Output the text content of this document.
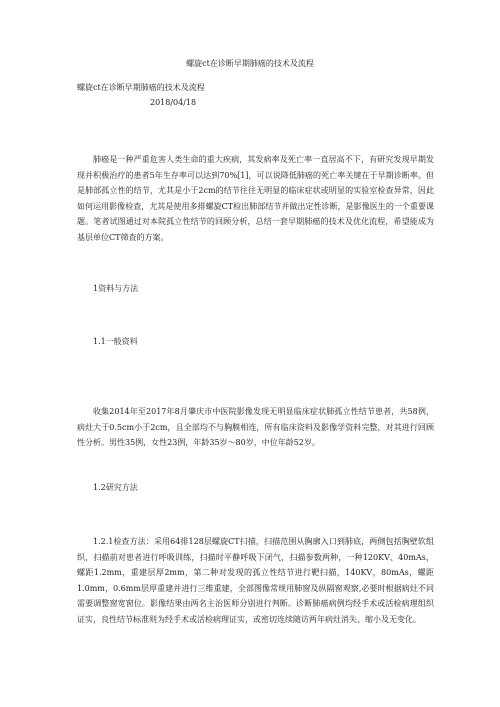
螺旋ct在诊断早期肺癌的技术及流程

螺旋ct在诊断早期肺癌的技术及流程

2018/04/18

肺癌是一种严重危害人类生命的重大疾病，其发病率及死亡率一直居高不下，有研究发现早期发现并积极治疗的患者5年生存率可以达到70%[1]，可以说降低肺癌的死亡率关键在于早期诊断率。但是肺部孤立性的结节，尤其是小于2cm的结节往往无明显的临床症状或明显的实验室检查异常，因此如何运用影像检查，尤其是使用多排螺旋CT检出肺部结节并做出定性诊断，是影像医生的一个重要课题。笔者试图通过对本院孤立性结节的回顾分析，总结一套早期肺癌的技术及优化流程，希望能成为基层单位CT筛查的方案。

1资料与方法
1.1一般资料

收集2014年至2017年8月肇庆市中医院影像发现无明显临床症状肺孤立性结节患者，共58例，病灶大于0.5cm小于2cm，且全部均不与胸膜相连，所有临床资料及影像学资料完整，对其进行回顾性分析。男性35例，女性23例，年龄35岁～80岁，中位年龄52岁。

1.2研究方法

1.2.1检查方法：采用64排128层螺旋CT扫描，扫描范围从胸廓入口到肺底，两侧包括胸壁软组织，扫描前对患者进行呼吸训练，扫描时平静呼吸下闭气，扫描参数两种，一种120KV、40mAs，螺距1.2mm，重建层厚2mm，第二种对发现的孤立性结节进行靶扫描，140KV，80mAs，螺距1.0mm，0.6mm层厚重建并进行三维重建，全部图像常规用肺窗及纵隔窗观察,必要时根据病灶不同需要调整窗宽窗位。影像结果由两名主治医师分别进行判断。诊断肺癌病例均经手术或活检病理组织证实，良性结节标准则为经手术或活检病理证实，或密切连续随访两年病灶消失、缩小及无变化。
